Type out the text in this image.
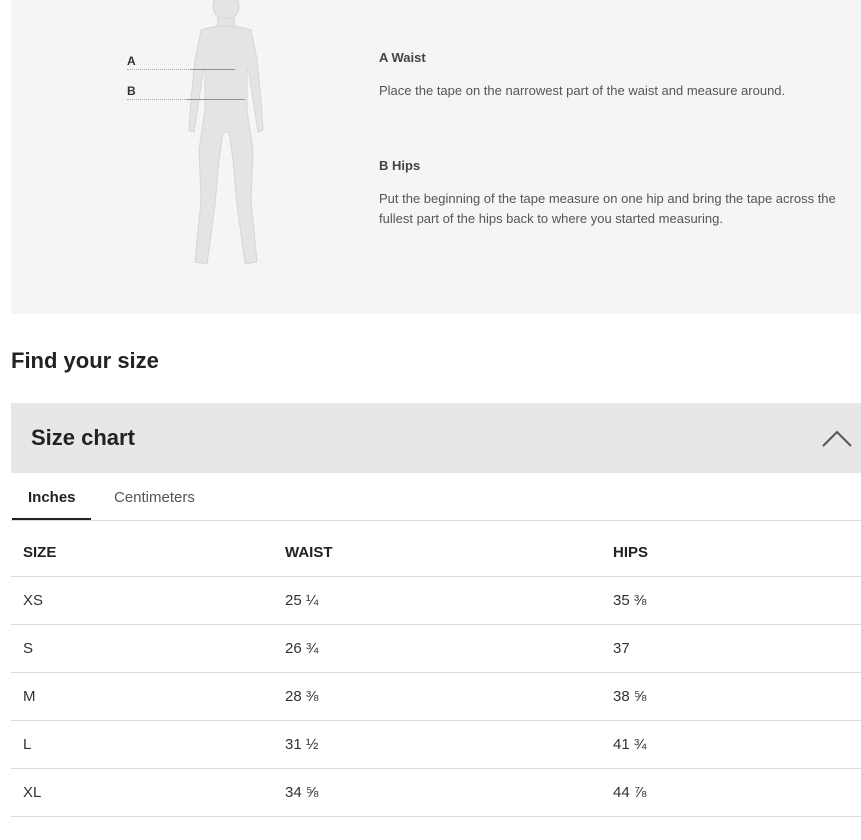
A
B
A Waist

Place the tape on the narrowest part of the waist and measure around.

B Hips

Put the beginning of the tape measure on one hip and bring the tape across the fullest part of the hips back to where you started measuring.

Find your size
Size chart
Inches	Centimeters
SIZE	WAIST	HIPS
XS	25 ¼	35 ⅜
S	26 ¾	37
M	28 ⅜	38 ⅝
L	31 ½	41 ¾
XL	34 ⅝	44 ⅞
